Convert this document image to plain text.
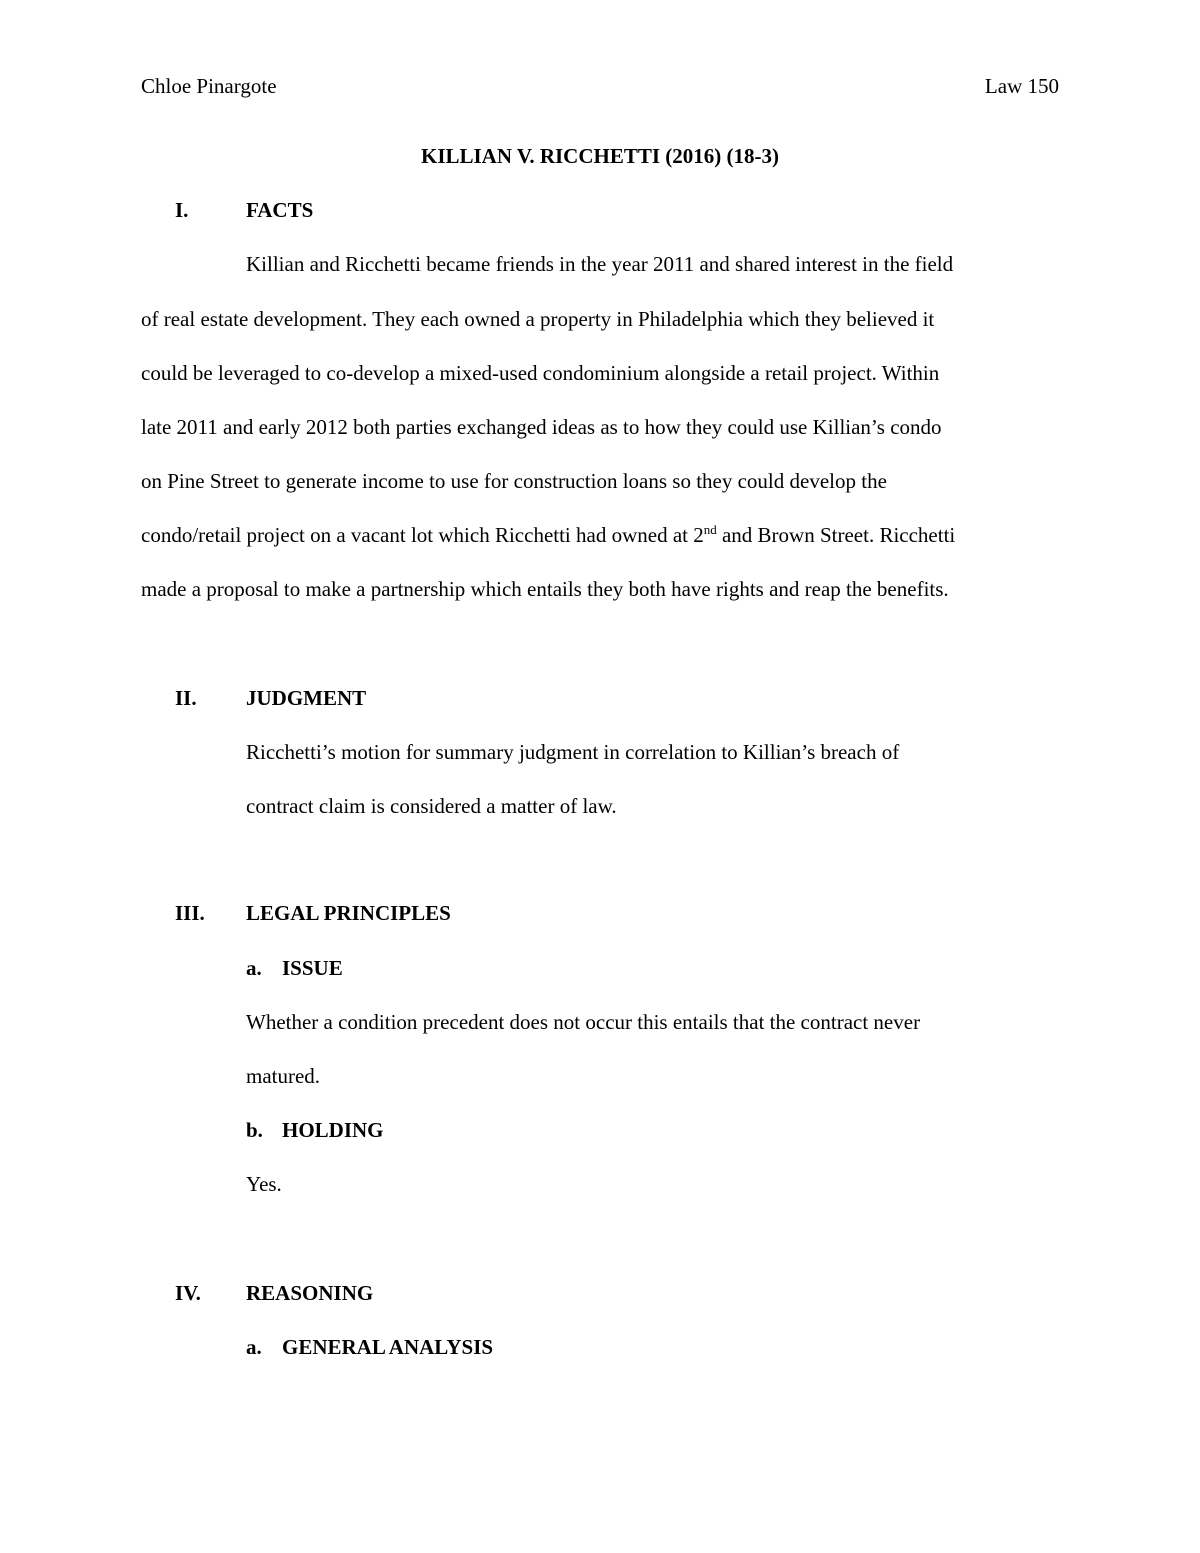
Chloe Pinargote	Law 150
KILLIAN V. RICCHETTI (2016) (18-3)
I.	FACTS
Killian and Ricchetti became friends in the year 2011 and shared interest in the field
of real estate development. They each owned a property in Philadelphia which they believed it
could be leveraged to co-develop a mixed-used condominium alongside a retail project. Within
late 2011 and early 2012 both parties exchanged ideas as to how they could use Killian’s condo
on Pine Street to generate income to use for construction loans so they could develop the
condo/retail project on a vacant lot which Ricchetti had owned at 2nd and Brown Street. Ricchetti
made a proposal to make a partnership which entails they both have rights and reap the benefits.
II. JUDGMENT
Ricchetti’s motion for summary judgment in correlation to Killian’s breach of
contract claim is considered a matter of law.
III. LEGAL PRINCIPLES
a. ISSUE
Whether a condition precedent does not occur this entails that the contract never
matured.
b. HOLDING
Yes.
IV. REASONING
a. GENERAL ANALYSIS
